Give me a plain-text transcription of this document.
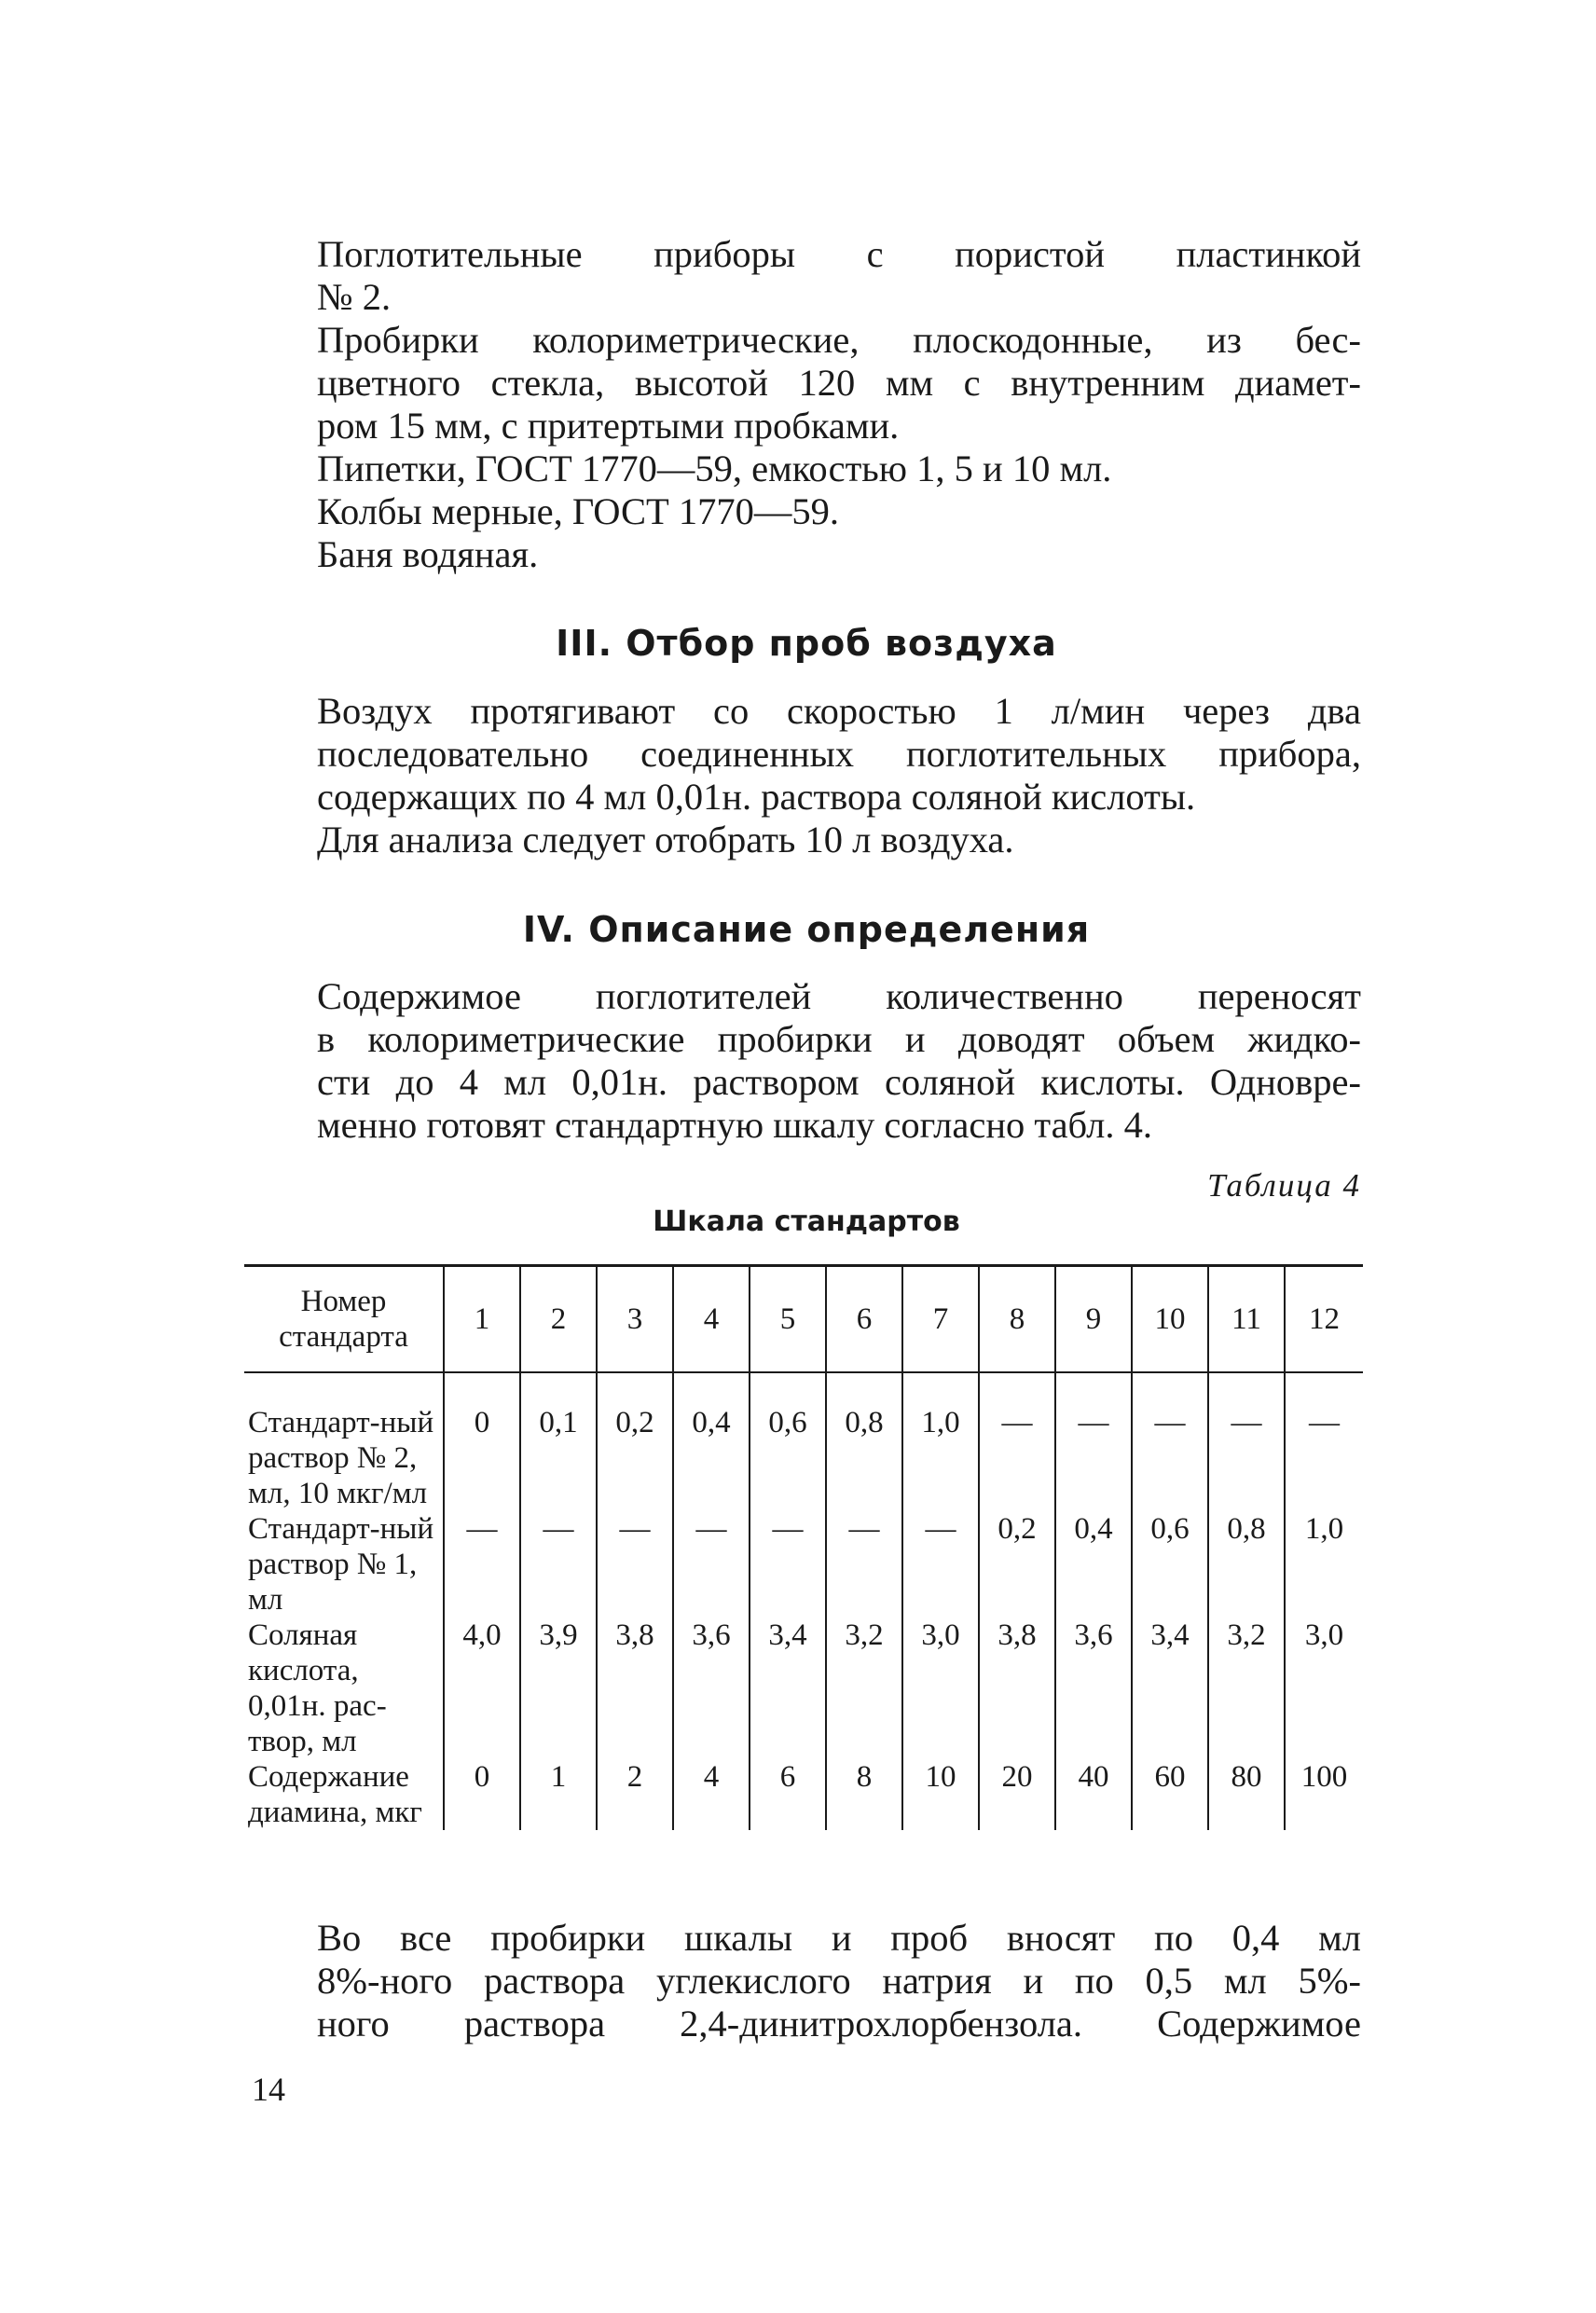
Поглотительные приборы с пористой пластинкой
№ 2.
Пробирки колориметрические, плоскодонные, из бес-
цветного стекла, высотой 120 мм с внутренним диамет-
ром 15 мм, с притертыми пробками.
Пипетки, ГОСТ 1770—59, емкостью 1, 5 и 10 мл.
Колбы мерные, ГОСТ 1770—59.
Баня водяная.
III. Отбор проб воздуха
Воздух протягивают со скоростью 1 л/мин через два
последовательно соединенных поглотительных прибора,
содержащих по 4 мл 0,01н. раствора соляной кислоты.
Для анализа следует отобрать 10 л воздуха.
IV. Описание определения
Содержимое поглотителей количественно переносят
в колориметрические пробирки и доводят объем жидко-
сти до 4 мл 0,01н. раствором соляной кислоты. Одновре-
менно готовят стандартную шкалу согласно табл. 4.
Таблица 4
Шкала стандартов
Номер стандарта	1	2	3	4	5	6	7	8	9	10	11	12
Стандарт-ный раствор № 2, мл, 10 мкг/мл	0	0,1	0,2	0,4	0,6	0,8	1,0	—	—	—	—	—
Стандарт-ный раствор № 1, мл	—	—	—	—	—	—	—	0,2	0,4	0,6	0,8	1,0
Соляная кислота, 0,01н. рас-твор, мл	4,0	3,9	3,8	3,6	3,4	3,2	3,0	3,8	3,6	3,4	3,2	3,0
Содержание диамина, мкг	0	1	2	4	6	8	10	20	40	60	80	100
Во все пробирки шкалы и проб вносят по 0,4 мл
8%-ного раствора углекислого натрия и по 0,5 мл 5%-
ного раствора 2,4-динитрохлорбензола. Содержимое
14
